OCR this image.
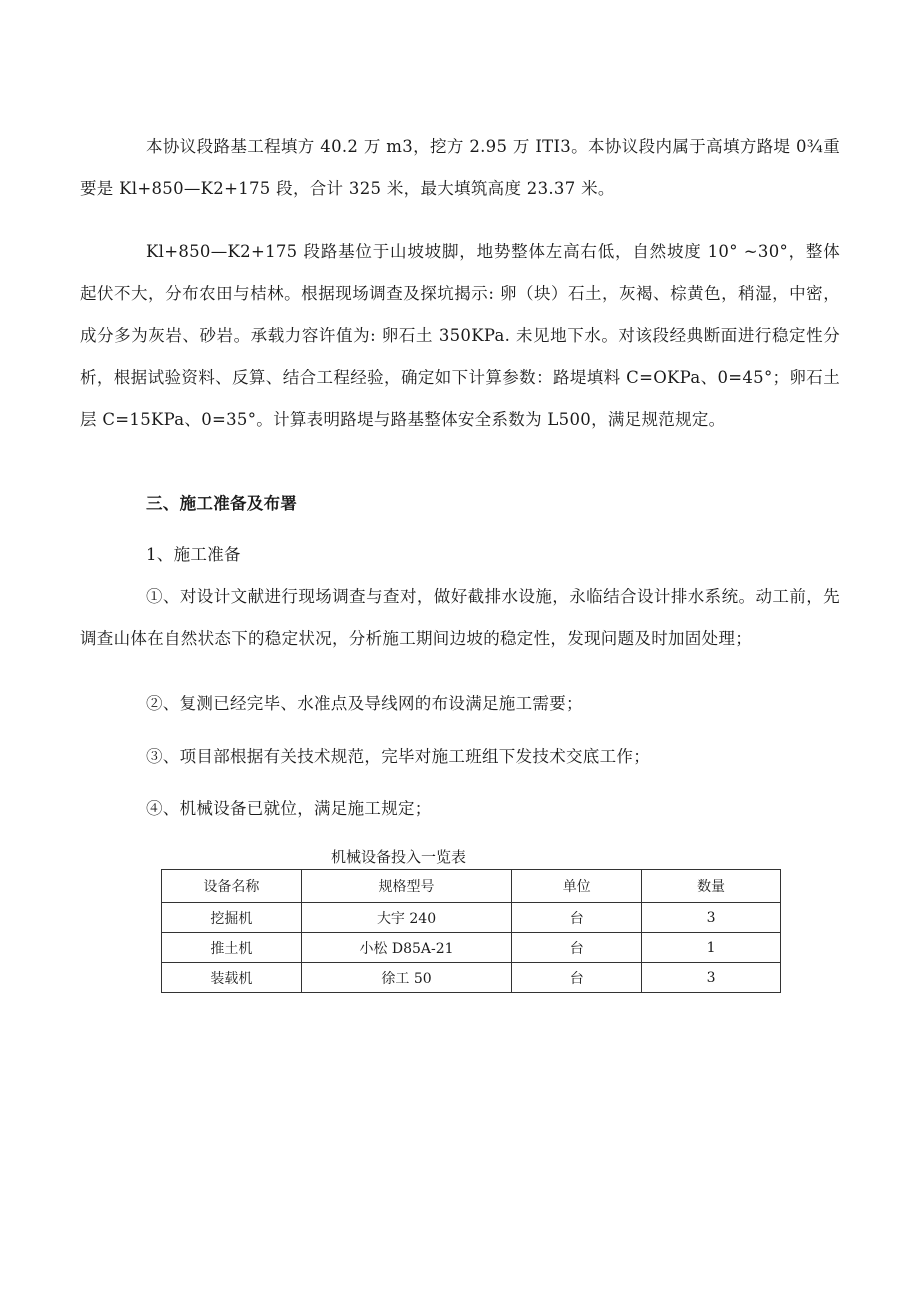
本协议段路基工程填方 40.2 万 m3，挖方 2.95 万 ITI3。本协议段内属于高填方路堤 0¾重要是 Kl+850—K2+175 段，合计 325 米，最大填筑高度 23.37 米。

Kl+850—K2+175 段路基位于山坡坡脚，地势整体左高右低，自然坡度 10° ~30°，整体起伏不大，分布农田与桔林。根据现场调查及探坑揭示: 卵（块）石土，灰褐、棕黄色，稍湿，中密，成分多为灰岩、砂岩。承载力容许值为: 卵石土 350KPa. 未见地下水。对该段经典断面进行稳定性分析，根据试验资料、反算、结合工程经验，确定如下计算参数：路堤填料 C=OKPa、0=45°；卵石土层 C=15KPa、0=35°。计算表明路堤与路基整体安全系数为 L500，满足规范规定。

三、施工准备及布署

1、施工准备

①、对设计文献进行现场调查与查对，做好截排水设施，永临结合设计排水系统。动工前，先调查山体在自然状态下的稳定状况，分析施工期间边坡的稳定性，发现问题及时加固处理；

②、复测已经完毕、水准点及导线网的布设满足施工需要；

③、项目部根据有关技术规范，完毕对施工班组下发技术交底工作；

④、机械设备已就位，满足施工规定；

机械设备投入一览表

设备名称	规格型号	单位	数量
挖掘机	大宇 240	台	3
推土机	小松 D85A-21	台	1
装载机	徐工 50	台	3
